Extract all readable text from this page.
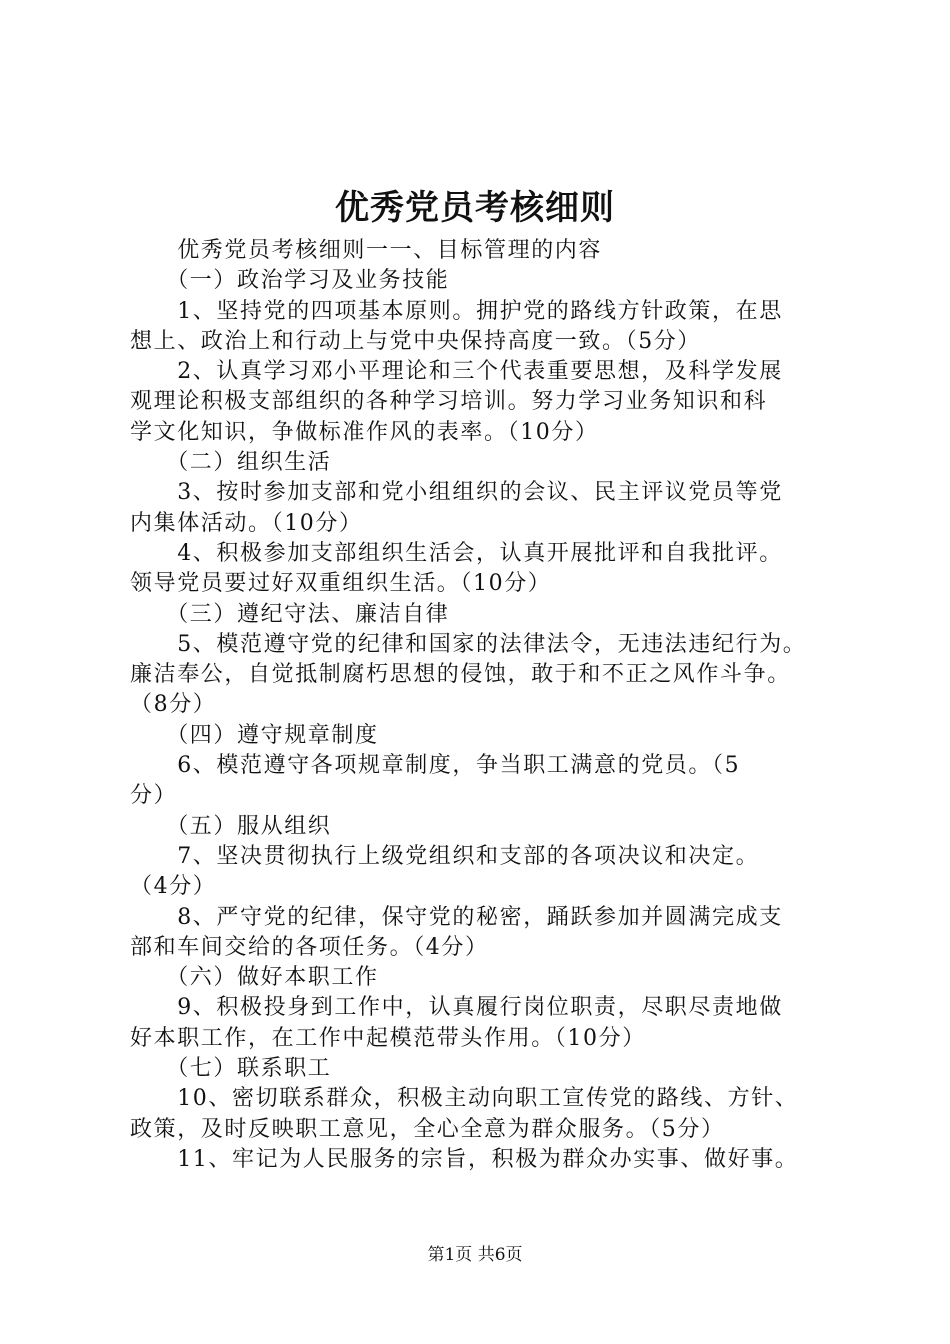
优秀党员考核细则

　　优秀党员考核细则一一、目标管理的内容

　　（一）政治学习及业务技能

　　1、坚持党的四项基本原则。拥护党的路线方针政策，在思

想上、政治上和行动上与党中央保持高度一致。（5分）

　　2、认真学习邓小平理论和三个代表重要思想，及科学发展

观理论积极支部组织的各种学习培训。努力学习业务知识和科

学文化知识，争做标准作风的表率。（10分）

　　（二）组织生活

　　3、按时参加支部和党小组组织的会议、民主评议党员等党

内集体活动。（10分）

　　4、积极参加支部组织生活会，认真开展批评和自我批评。

领导党员要过好双重组织生活。（10分）

　　（三）遵纪守法、廉洁自律

　　5、模范遵守党的纪律和国家的法律法令，无违法违纪行为。

廉洁奉公，自觉抵制腐朽思想的侵蚀，敢于和不正之风作斗争。

（8分）

　　（四）遵守规章制度

　　6、模范遵守各项规章制度，争当职工满意的党员。（5

分）

　　（五）服从组织

　　7、坚决贯彻执行上级党组织和支部的各项决议和决定。

（4分）

　　8、严守党的纪律，保守党的秘密，踊跃参加并圆满完成支

部和车间交给的各项任务。（4分）

　　（六）做好本职工作

　　9、积极投身到工作中，认真履行岗位职责，尽职尽责地做

好本职工作，在工作中起模范带头作用。（10分）

　　（七）联系职工

　　10、密切联系群众，积极主动向职工宣传党的路线、方针、

政策，及时反映职工意见，全心全意为群众服务。（5分）

　　11、牢记为人民服务的宗旨，积极为群众办实事、做好事。

第1页 共6页
